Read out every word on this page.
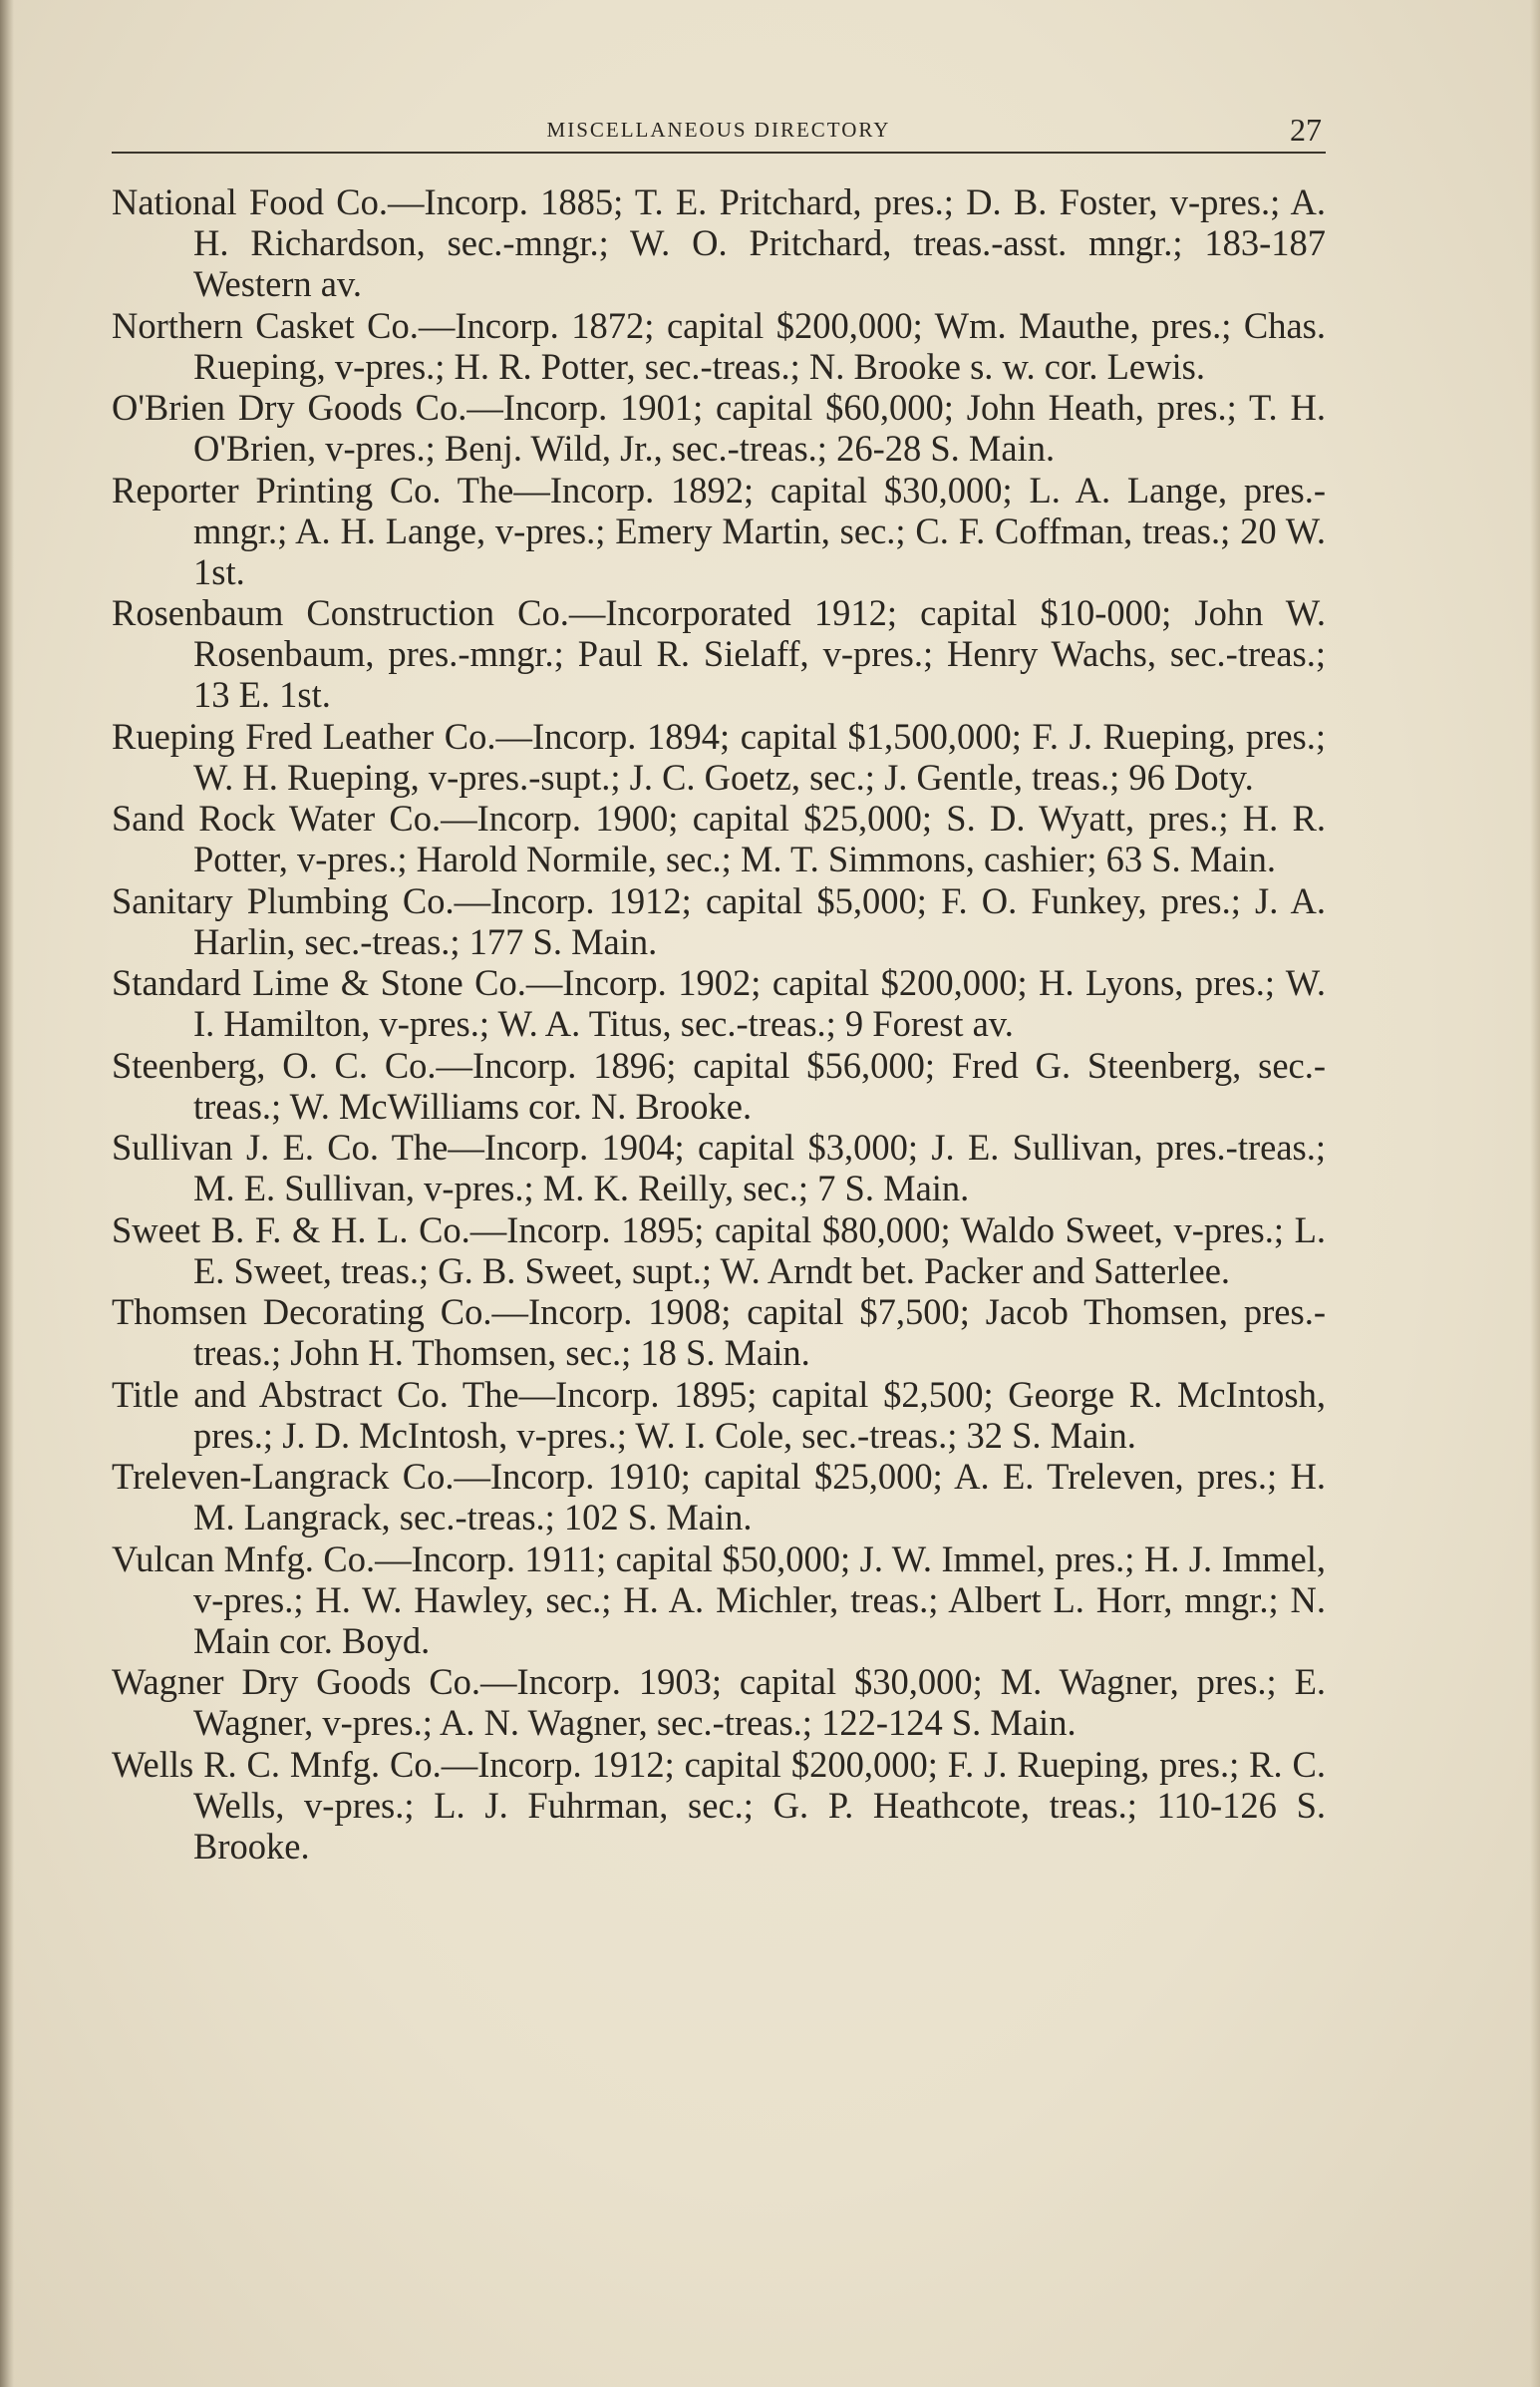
MISCELLANEOUS DIRECTORY	27

National Food Co.—Incorp. 1885; T. E. Pritchard, pres.; D. B. Foster, v-pres.; A. H. Richardson, sec.-mngr.; W. O. Pritchard, treas.-asst. mngr.; 183-187 Western av.

Northern Casket Co.—Incorp. 1872; capital $200,000; Wm. Mauthe, pres.; Chas. Rueping, v-pres.; H. R. Potter, sec.-treas.; N. Brooke s. w. cor. Lewis.

O'Brien Dry Goods Co.—Incorp. 1901; capital $60,000; John Heath, pres.; T. H. O'Brien, v-pres.; Benj. Wild, Jr., sec.-treas.; 26-28 S. Main.

Reporter Printing Co. The—Incorp. 1892; capital $30,000; L. A. Lange, pres.-mngr.; A. H. Lange, v-pres.; Emery Martin, sec.; C. F. Coffman, treas.; 20 W. 1st.

Rosenbaum Construction Co.—Incorporated 1912; capital $10-000; John W. Rosenbaum, pres.-mngr.; Paul R. Sielaff, v-pres.; Henry Wachs, sec.-treas.; 13 E. 1st.

Rueping Fred Leather Co.—Incorp. 1894; capital $1,500,000; F. J. Rueping, pres.; W. H. Rueping, v-pres.-supt.; J. C. Goetz, sec.; J. Gentle, treas.; 96 Doty.

Sand Rock Water Co.—Incorp. 1900; capital $25,000; S. D. Wyatt, pres.; H. R. Potter, v-pres.; Harold Normile, sec.; M. T. Simmons, cashier; 63 S. Main.

Sanitary Plumbing Co.—Incorp. 1912; capital $5,000; F. O. Funkey, pres.; J. A. Harlin, sec.-treas.; 177 S. Main.

Standard Lime & Stone Co.—Incorp. 1902; capital $200,000; H. Lyons, pres.; W. I. Hamilton, v-pres.; W. A. Titus, sec.-treas.; 9 Forest av.

Steenberg, O. C. Co.—Incorp. 1896; capital $56,000; Fred G. Steenberg, sec.-treas.; W. McWilliams cor. N. Brooke.

Sullivan J. E. Co. The—Incorp. 1904; capital $3,000; J. E. Sullivan, pres.-treas.; M. E. Sullivan, v-pres.; M. K. Reilly, sec.; 7 S. Main.

Sweet B. F. & H. L. Co.—Incorp. 1895; capital $80,000; Waldo Sweet, v-pres.; L. E. Sweet, treas.; G. B. Sweet, supt.; W. Arndt bet. Packer and Satterlee.

Thomsen Decorating Co.—Incorp. 1908; capital $7,500; Jacob Thomsen, pres.-treas.; John H. Thomsen, sec.; 18 S. Main.

Title and Abstract Co. The—Incorp. 1895; capital $2,500; George R. McIntosh, pres.; J. D. McIntosh, v-pres.; W. I. Cole, sec.-treas.; 32 S. Main.

Treleven-Langrack Co.—Incorp. 1910; capital $25,000; A. E. Treleven, pres.; H. M. Langrack, sec.-treas.; 102 S. Main.

Vulcan Mnfg. Co.—Incorp. 1911; capital $50,000; J. W. Immel, pres.; H. J. Immel, v-pres.; H. W. Hawley, sec.; H. A. Michler, treas.; Albert L. Horr, mngr.; N. Main cor. Boyd.

Wagner Dry Goods Co.—Incorp. 1903; capital $30,000; M. Wagner, pres.; E. Wagner, v-pres.; A. N. Wagner, sec.-treas.; 122-124 S. Main.

Wells R. C. Mnfg. Co.—Incorp. 1912; capital $200,000; F. J. Rueping, pres.; R. C. Wells, v-pres.; L. J. Fuhrman, sec.; G. P. Heathcote, treas.; 110-126 S. Brooke.
